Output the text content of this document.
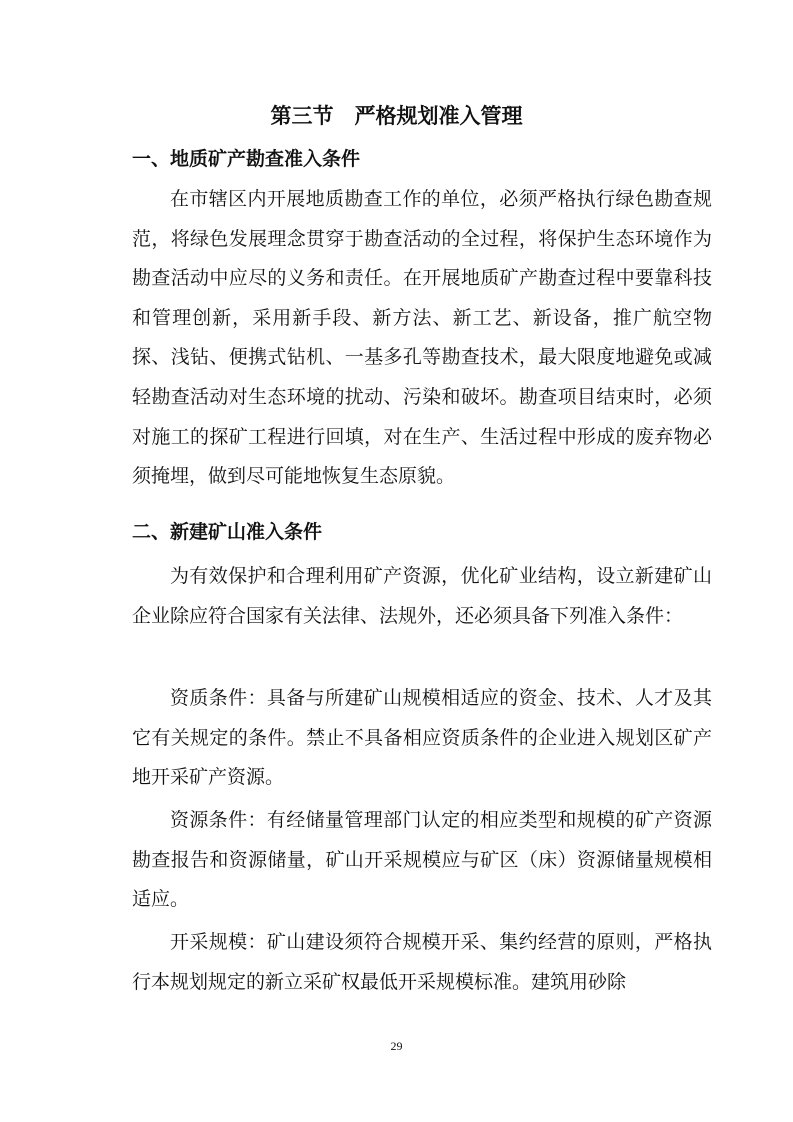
第三节　严格规划准入管理
一、地质矿产勘查准入条件

在市辖区内开展地质勘查工作的单位，必须严格执行绿色勘查规范，将绿色发展理念贯穿于勘查活动的全过程，将保护生态环境作为勘查活动中应尽的义务和责任。在开展地质矿产勘查过程中要靠科技和管理创新，采用新手段、新方法、新工艺、新设备，推广航空物探、浅钻、便携式钻机、一基多孔等勘查技术，最大限度地避免或减轻勘查活动对生态环境的扰动、污染和破坏。勘查项目结束时，必须对施工的探矿工程进行回填，对在生产、生活过程中形成的废弃物必须掩埋，做到尽可能地恢复生态原貌。

二、新建矿山准入条件

为有效保护和合理利用矿产资源，优化矿业结构，设立新建矿山企业除应符合国家有关法律、法规外，还必须具备下列准入条件：

资质条件：具备与所建矿山规模相适应的资金、技术、人才及其它有关规定的条件。禁止不具备相应资质条件的企业进入规划区矿产地开采矿产资源。

资源条件：有经储量管理部门认定的相应类型和规模的矿产资源勘查报告和资源储量，矿山开采规模应与矿区（床）资源储量规模相适应。

开采规模：矿山建设须符合规模开采、集约经营的原则，严格执行本规划规定的新立采矿权最低开采规模标准。建筑用砂除

29
